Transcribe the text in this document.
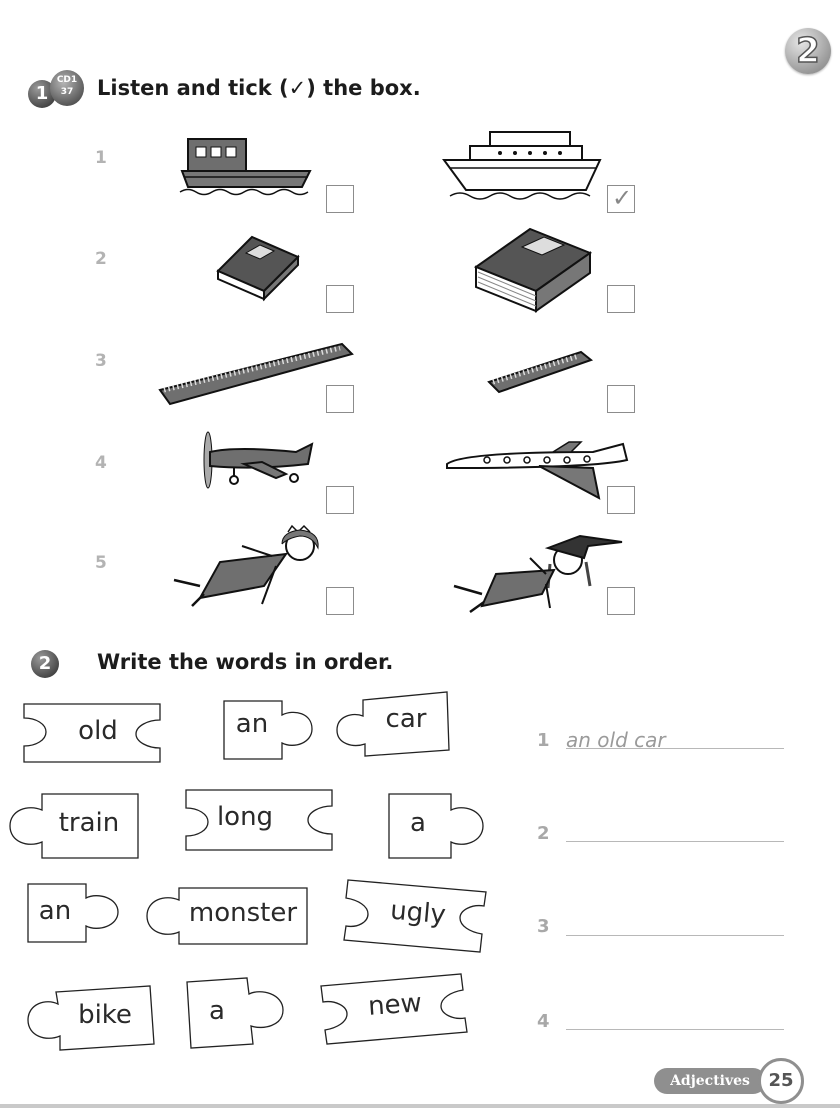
2
1
CD1
37	Listen and tick (✓) the box.
1
2
3
4
5
✓
2	Write the words in order.
old	an	car
train	long	a
an	monster	ugly
bike	a	new
1 an old car
2
3
4
Adjectives	25
